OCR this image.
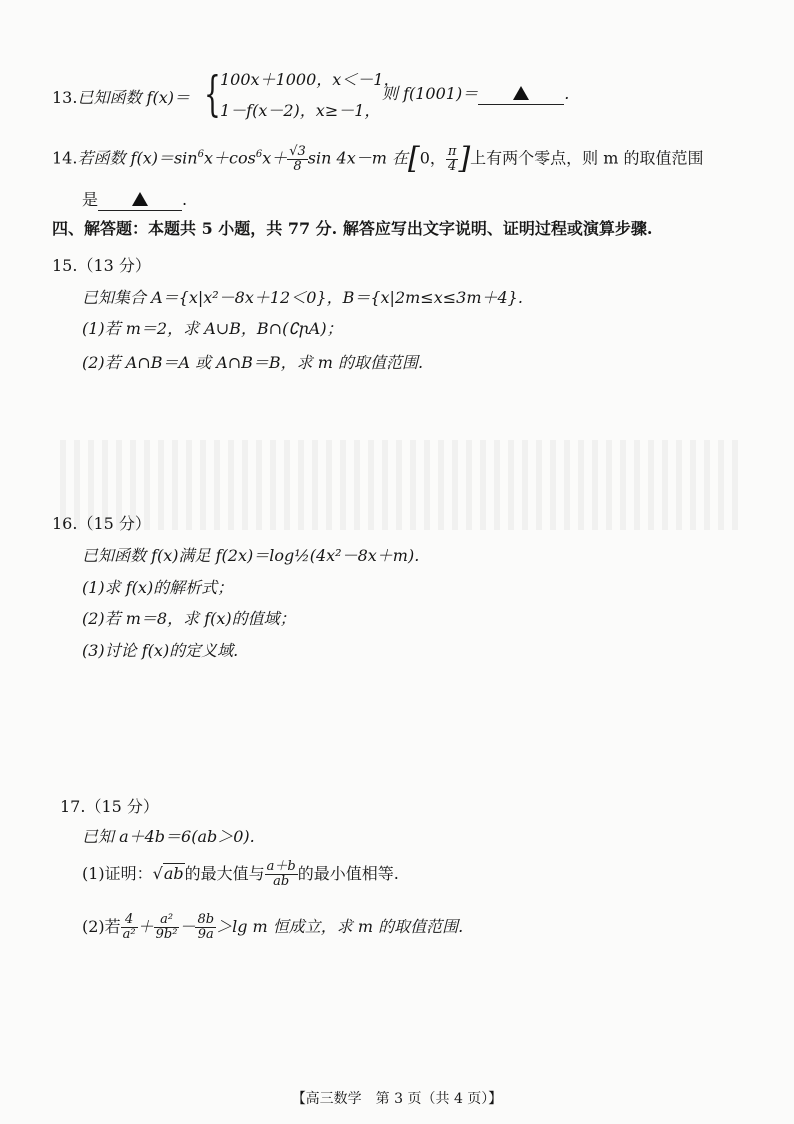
13.已知函数 f(x)＝ { 100x＋1000，x＜－1，
1－f(x－2)，x≥－1，
则 f(1001)＝	.
14.若函数 $f(x)=\sin^6x+\cos^6x+ \frac{√3}{8}$ sin 4x－m 在[0， $\frac{\pi}{4}$ ]上有两个零点，则 m 的取值范围
是	.
四、解答题：本题共 5 小题，共 77 分. 解答应写出文字说明、证明过程或演算步骤.
15.（13 分）
已知集合 A＝{x|x²－8x＋12＜0}，B＝{x|2m≤x≤3m＋4}.
(1)若 m＝2，求 A∪B，B∩(∁ꞃA)；
(2)若 A∩B＝A 或 A∩B＝B，求 m 的取值范围.
16.（15 分）
已知函数 f(x)满足 f(2x)＝log½(4x²－8x＋m).
(1)求 f(x)的解析式；
(2)若 m＝8，求 f(x)的值域；
(3)讨论 f(x)的定义域.
17.（15 分）
已知 a＋4b＝6(ab＞0).
(1)证明：√ab的最大值与 $\frac{a+b}{ab}$ 的最小值相等.
(2)若 $\frac{4}{\text{a²}} + \frac{\text{a²}}{\text{9b²}} - \frac{8b}{9a} >\lg$ m 恒成立，求 m 的取值范围.
【高三数学　第 3 页（共 4 页）】
